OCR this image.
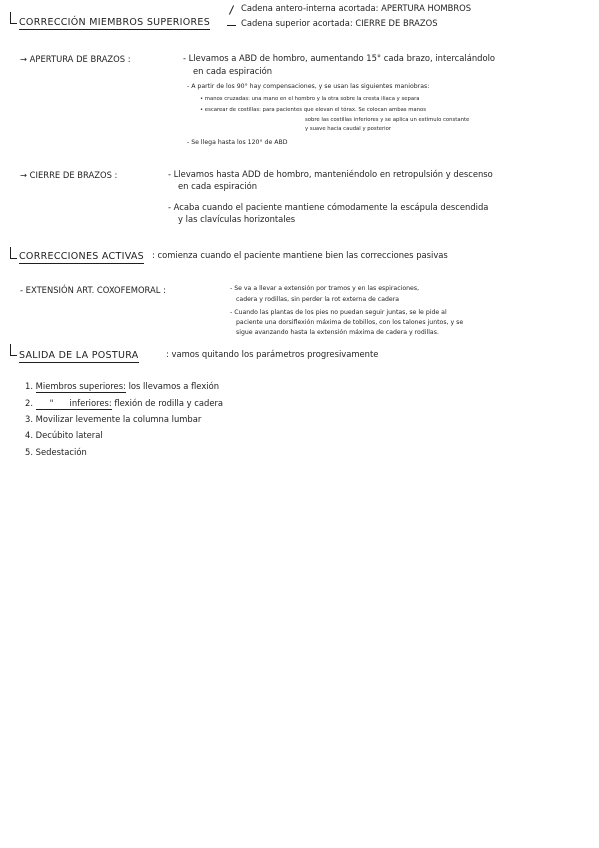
CORRECCIÓN MIEMBROS SUPERIORES
Cadena antero-interna acortada: APERTURA HOMBROS
Cadena superior acortada: CIERRE DE BRAZOS
→ APERTURA DE BRAZOS :	- Llevamos a ABD de hombro, aumentando 15° cada brazo, intercalándolo
en cada espiración
- A partir de los 90° hay compensaciones, y se usan las siguientes maniobras:
• manos cruzadas: una mano en el hombro y la otra sobre la cresta iliaca y separa
• escarear de costillas: para pacientes que elevan el tórax. Se colocan ambas manos
sobre las costillas inferiores y se aplica un estímulo constante
y suave hacia caudal y posterior
- Se llega hasta los 120° de ABD
→ CIERRE DE BRAZOS :	- Llevamos hasta ADD de hombro, manteniéndolo en retropulsión y descenso
en cada espiración
- Acaba cuando el paciente mantiene cómodamente la escápula descendida
y las clavículas horizontales
CORRECCIONES ACTIVAS : comienza cuando el paciente mantiene bien las correcciones pasivas
- EXTENSIÓN ART. COXOFEMORAL :	- Se va a llevar a extensión por tramos y en las espiraciones,
cadera y rodillas, sin perder la rot externa de cadera
- Cuando las plantas de los pies no puedan seguir juntas, se le pide al
paciente una dorsiflexión máxima de tobillos, con los talones juntos, y se
sigue avanzando hasta la extensión máxima de cadera y rodillas.
SALIDA DE LA POSTURA	: vamos quitando los parámetros progresivamente
1. Miembros superiores: los llevamos a flexión
2. "      inferiores: flexión de rodilla y cadera
3. Movilizar levemente la columna lumbar
4. Decúbito lateral
5. Sedestación
